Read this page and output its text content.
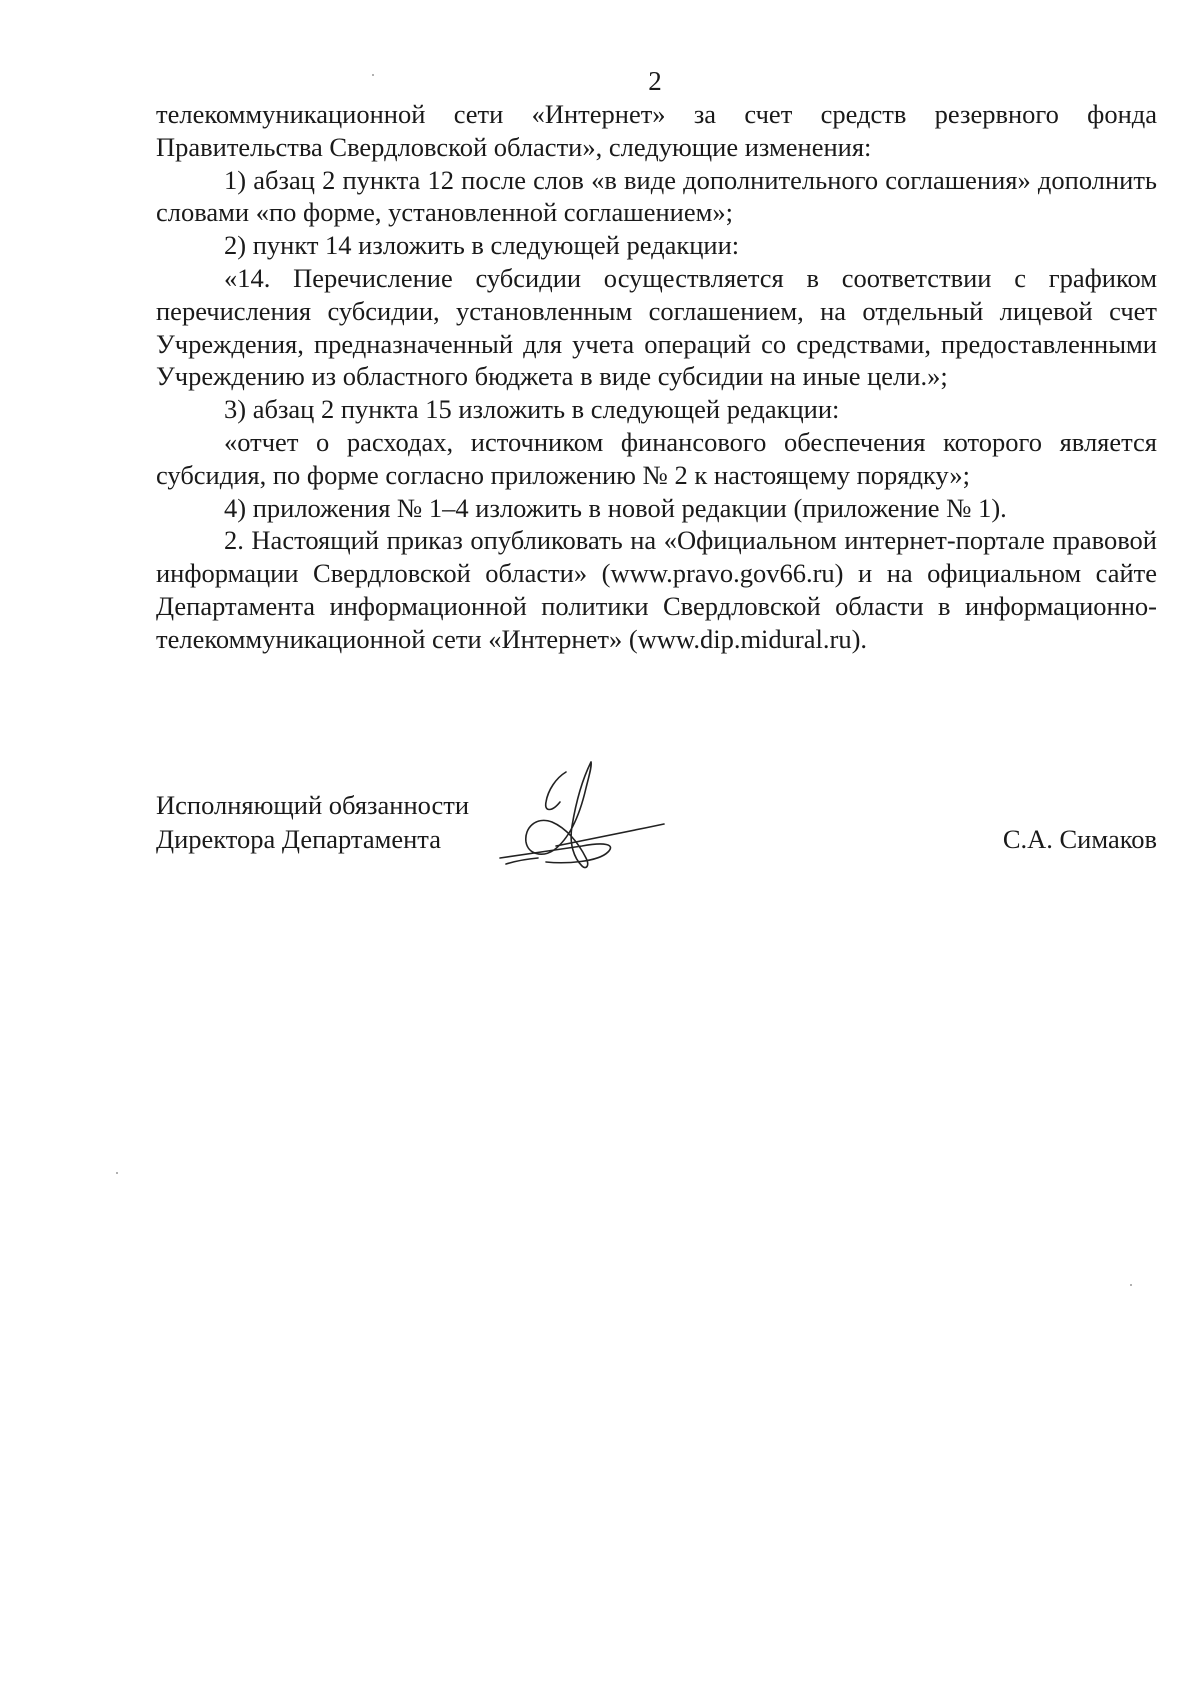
2

телекоммуникационной сети «Интернет» за счет средств резервного фонда Правительства Свердловской области», следующие изменения:

1) абзац 2 пункта 12 после слов «в виде дополнительного соглашения» дополнить словами «по форме, установленной соглашением»;

2) пункт 14 изложить в следующей редакции:

«14. Перечисление субсидии осуществляется в соответствии с графиком перечисления субсидии, установленным соглашением, на отдельный лицевой счет Учреждения, предназначенный для учета операций со средствами, предоставленными Учреждению из областного бюджета в виде субсидии на иные цели.»;

3) абзац 2 пункта 15 изложить в следующей редакции:

«отчет о расходах, источником финансового обеспечения которого является субсидия, по форме согласно приложению № 2 к настоящему порядку»;

4) приложения № 1–4 изложить в новой редакции (приложение № 1).

2. Настоящий приказ опубликовать на «Официальном интернет-портале правовой информации Свердловской области» (www.pravo.gov66.ru) и на официальном сайте Департамента информационной политики Свердловской области в информационно-телекоммуникационной сети «Интернет» (www.dip.midural.ru).

Исполняющий обязанности
Директора Департамента	С.А. Симаков
